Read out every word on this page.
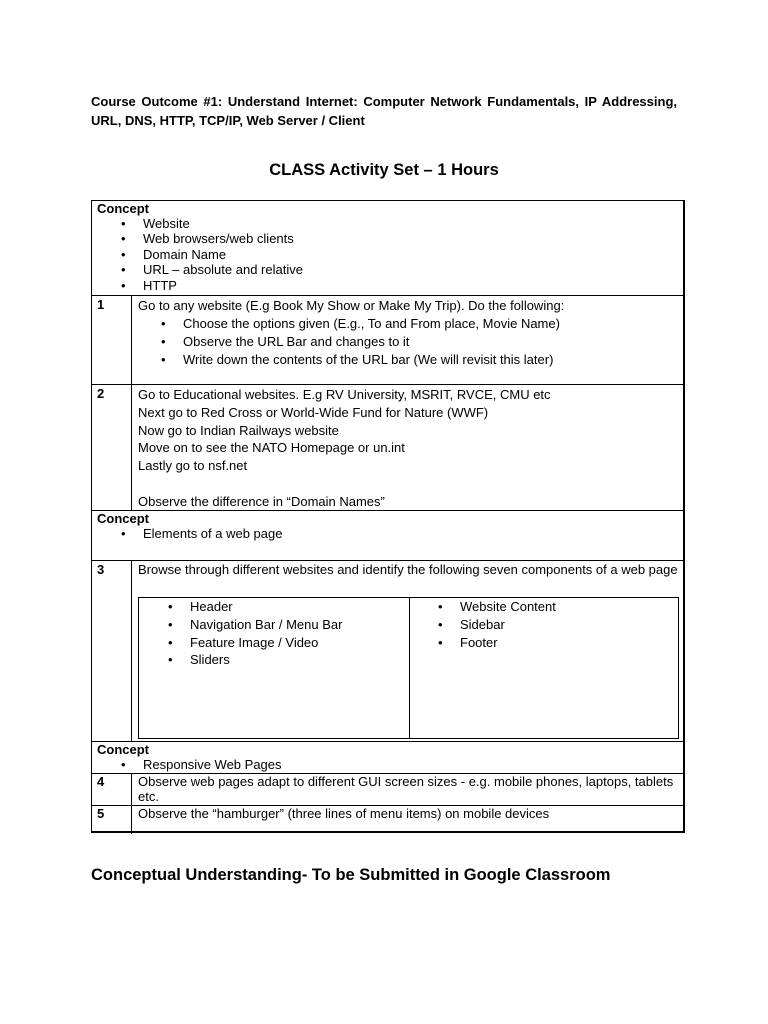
Course Outcome #1: Understand Internet: Computer Network Fundamentals, IP Addressing, URL, DNS, HTTP, TCP/IP, Web Server / Client

CLASS Activity Set – 1 Hours
Concept
• Website
• Web browsers/web clients
• Domain Name
• URL – absolute and relative
• HTTP
1	Go to any website (E.g Book My Show or Make My Trip). Do the following:
• Choose the options given (E.g., To and From place, Movie Name)
• Observe the URL Bar and changes to it
• Write down the contents of the URL bar (We will revisit this later)
2	Go to Educational websites. E.g RV University, MSRIT, RVCE, CMU etc

Next go to Red Cross or World-Wide Fund for Nature (WWF)

Now go to Indian Railways website

Move on to see the NATO Homepage or un.int

Lastly go to nsf.net

Observe the difference in “Domain Names”

Concept
• Elements of a web page
3	Browse through different websites and identify the following seven components of a web page
• Header
• Navigation Bar / Menu Bar
• Feature Image / Video
• Sliders
• Website Content
• Sidebar
• Footer
Concept
• Responsive Web Pages
4	Observe web pages adapt to different GUI screen sizes - e.g. mobile phones, laptops, tablets etc.
5	Observe the “hamburger” (three lines of menu items) on mobile devices
Conceptual Understanding- To be Submitted in Google Classroom
